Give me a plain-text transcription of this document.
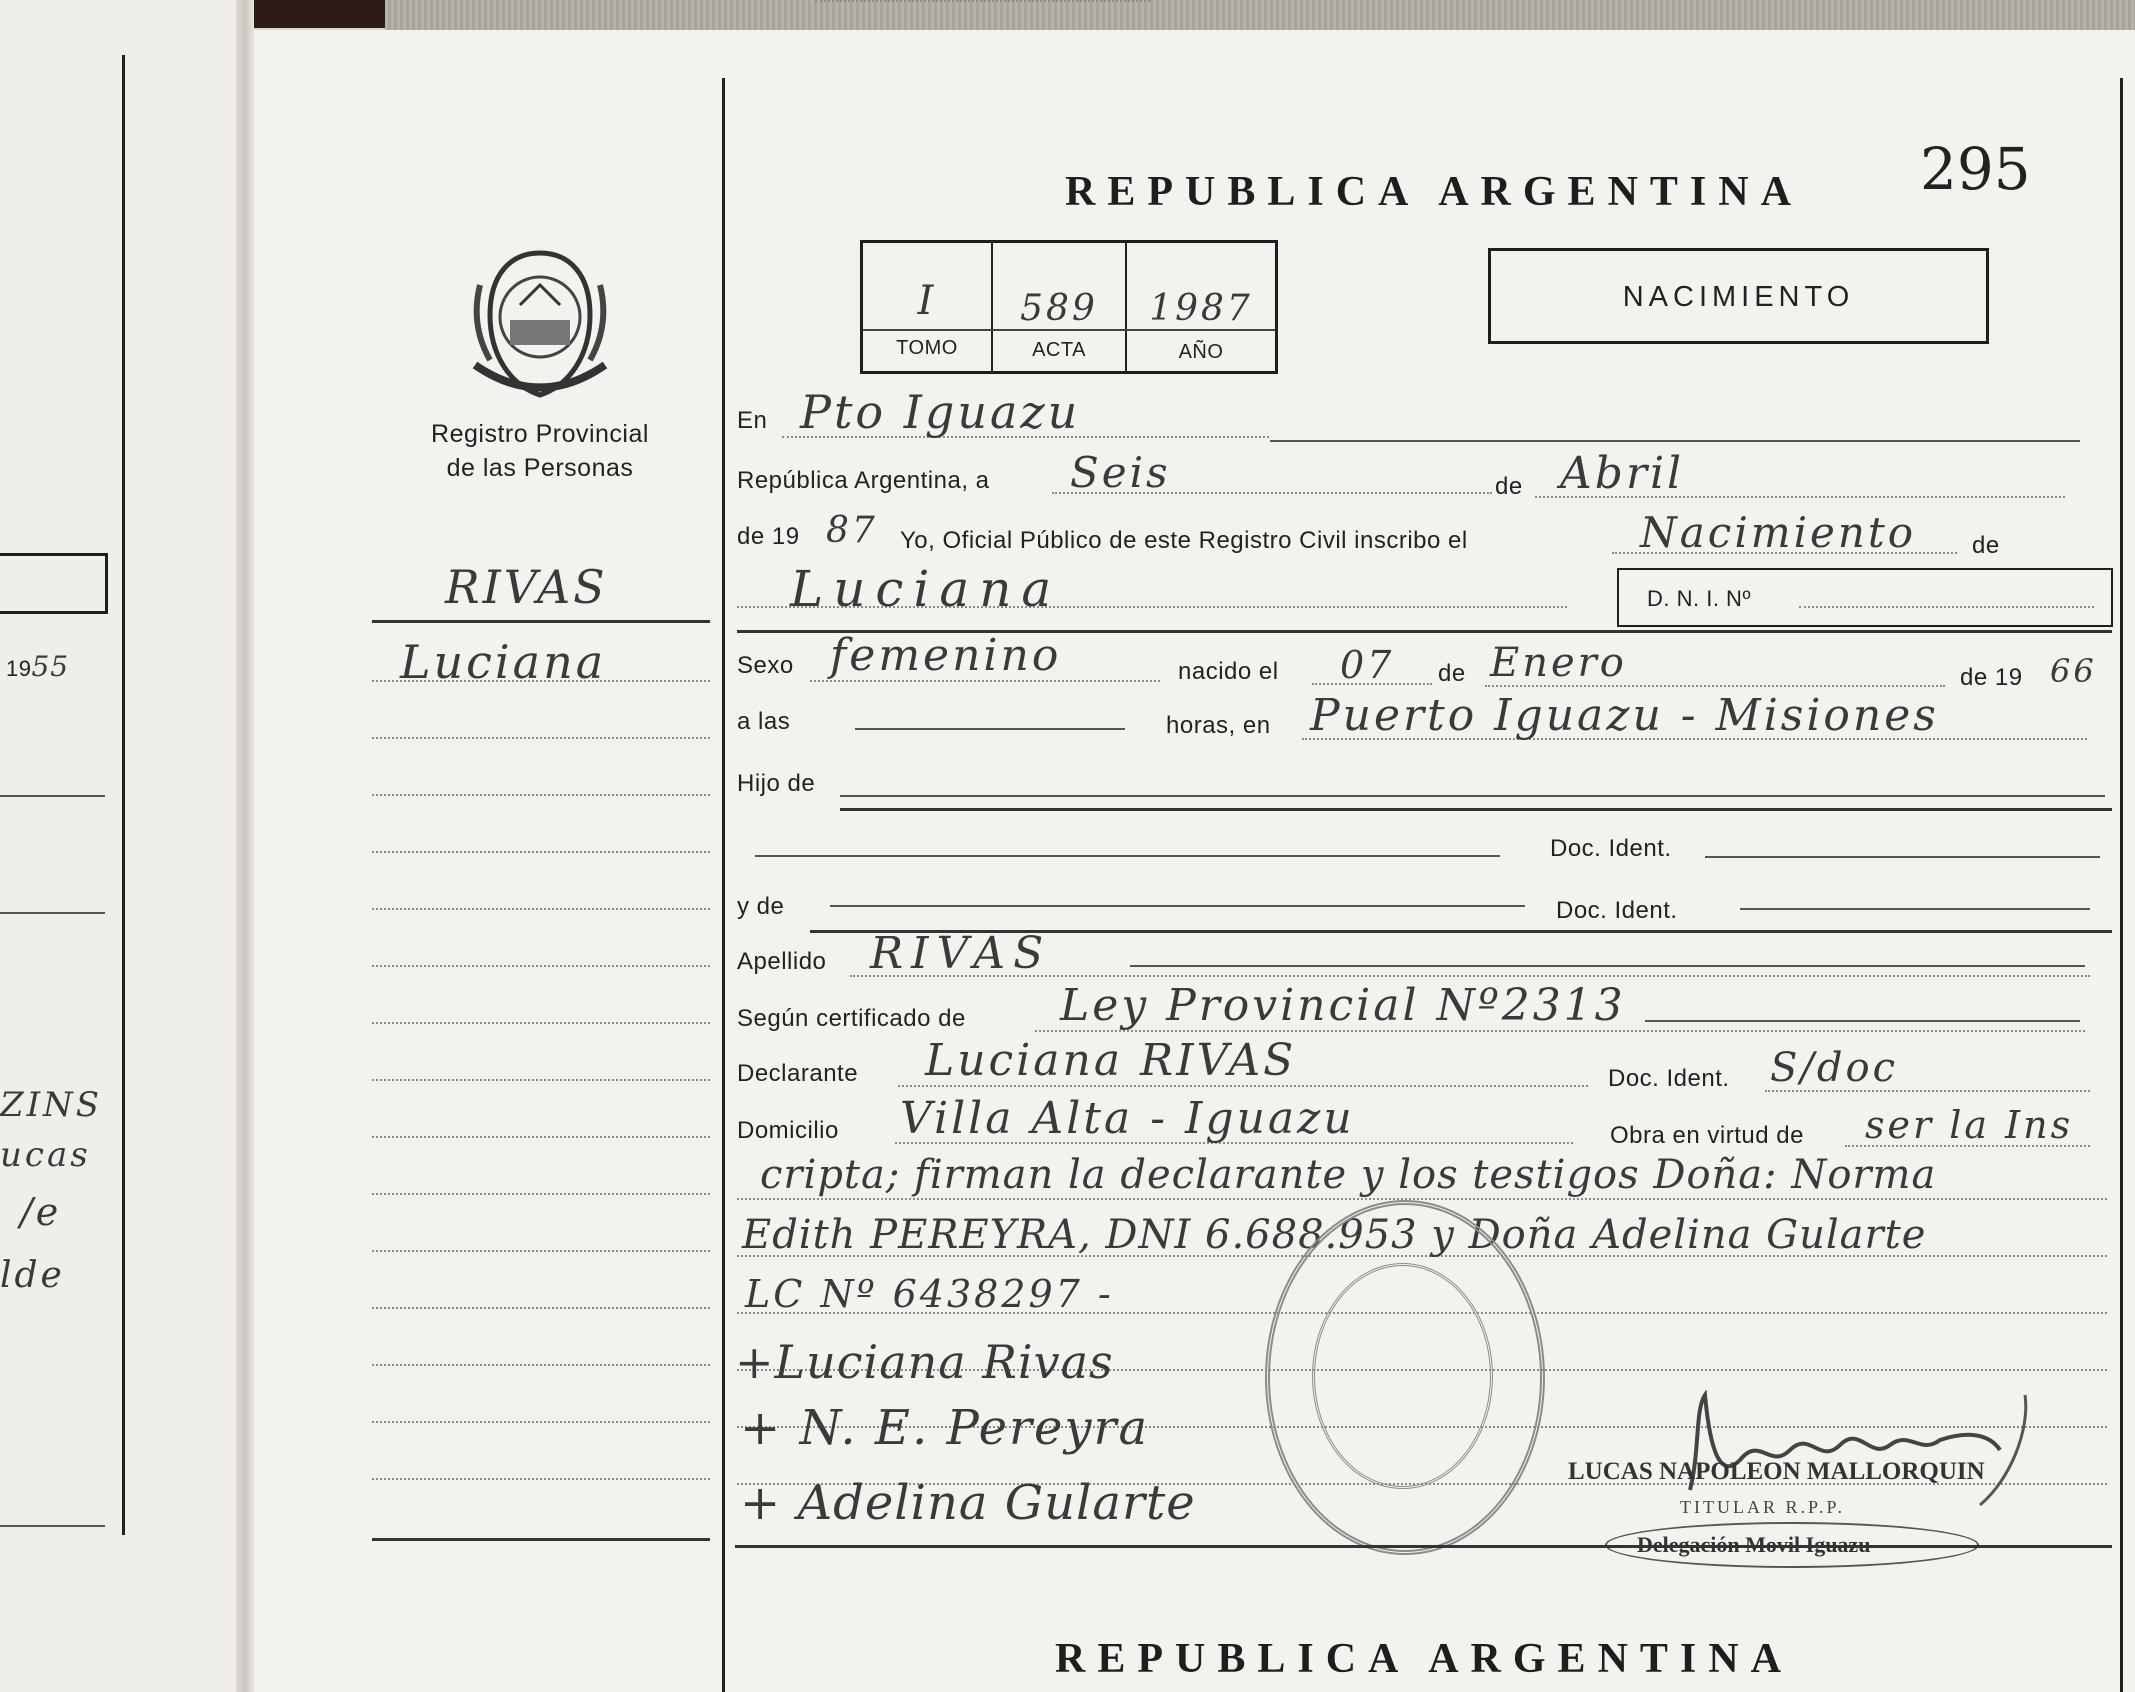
1955
ZINS
ucas
/e
lde
REPUBLICA ARGENTINA 295
Registro Provincial
de las Personas
I	589	1987
TOMO	ACTA	AÑO
NACIMIENTO
RIVAS
Luciana
En Pto Iguazu
República Argentina, a Seis	de Abril
de 19 87 Yo, Oficial Público de este Registro Civil inscribo el	Nacimiento de
Luciana	D. N. I. Nº
Sexo femenino	nacido el 07 de Enero	de 19 66
a las	horas, en Puerto Iguazu - Misiones
Hijo de
Doc. Ident.
y de	Doc. Ident.
Apellido RIVAS
Según certificado de Ley Provincial Nº2313
Declarante Luciana RIVAS	Doc. Ident. S/doc
Domicilio Villa Alta - Iguazu	Obra en virtud de ser la Ins
cripta; firman la declarante y los testigos Doña: Norma
Edith PEREYRA, DNI 6.688.953 y Doña Adelina Gularte
LC Nº 6438297 -
+Luciana Rivas
+ N. E. Pereyra
+ Adelina Gularte
LUCAS NAPOLEON MALLORQUIN
TITULAR R.P.P.
REPUBLICA ARGENTINA
